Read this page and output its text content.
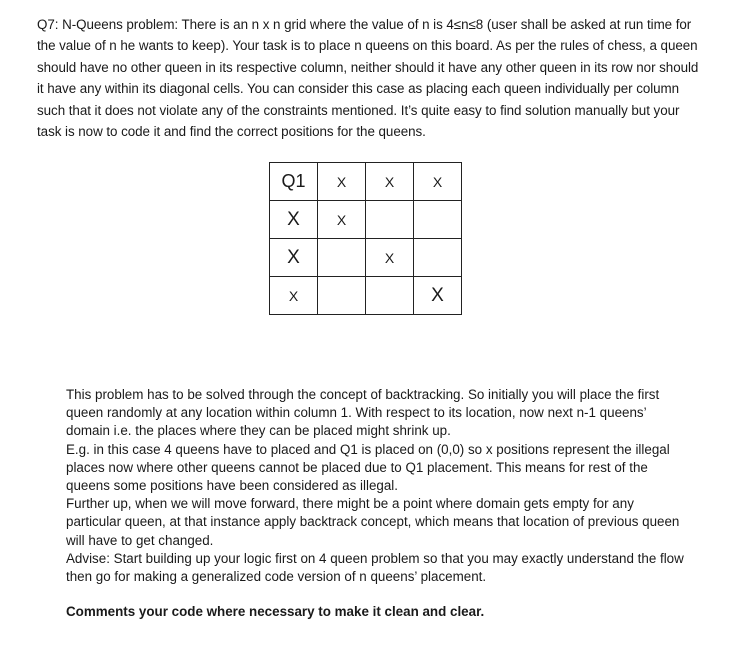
Q7: N-Queens problem: There is an n x n grid where the value of n is 4≤n≤8 (user shall be asked at run time for the value of n he wants to keep). Your task is to place n queens on this board. As per the rules of chess, a queen should have no other queen in its respective column, neither should it have any other queen in its row nor should it have any within its diagonal cells. You can consider this case as placing each queen individually per column such that it does not violate any of the constraints mentioned. It’s quite easy to find solution manually but your task is now to code it and find the correct positions for the queens.

Q1	X	X	X
X	X		
X		X	
X			X

This problem has to be solved through the concept of backtracking. So initially you will place the first queen randomly at any location within column 1. With respect to its location, now next n-1 queens’ domain i.e. the places where they can be placed might shrink up.

E.g. in this case 4 queens have to placed and Q1 is placed on (0,0) so x positions represent the illegal places now where other queens cannot be placed due to Q1 placement. This means for rest of the queens some positions have been considered as illegal.

Further up, when we will move forward, there might be a point where domain gets empty for any particular queen, at that instance apply backtrack concept, which means that location of previous queen will have to get changed.

Advise: Start building up your logic first on 4 queen problem so that you may exactly understand the flow then go for making a generalized code version of n queens’ placement.

Comments your code where necessary to make it clean and clear.
